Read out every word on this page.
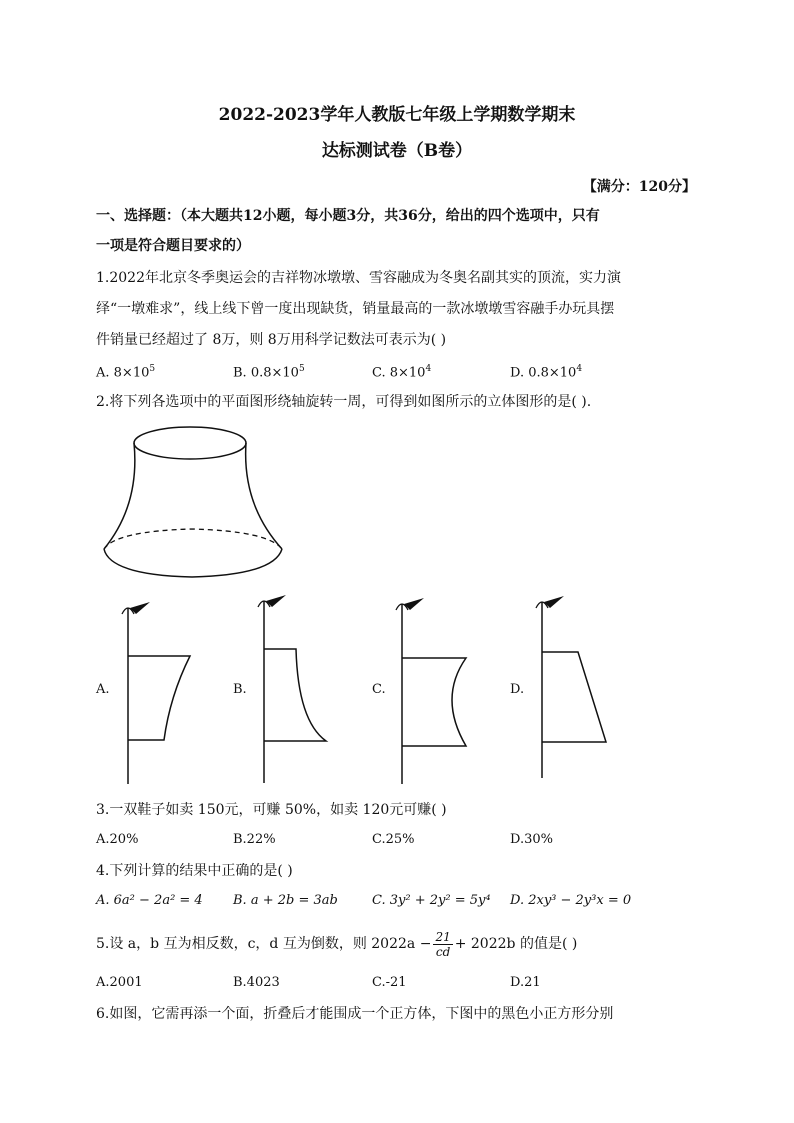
2022-2023学年人教版七年级上学期数学期末
达标测试卷（B卷）
【满分：120分】
一、选择题：（本大题共12小题，每小题3分，共36分，给出的四个选项中，只有
一项是符合题目要求的）
1.2022年北京冬季奥运会的吉祥物冰墩墩、雪容融成为冬奥名副其实的顶流，实力演
绎“一墩难求”，线上线下曾一度出现缺货，销量最高的一款冰墩墩雪容融手办玩具摆
件销量已经超过了 8万，则 8万用科学记数法可表示为( )
A. $8\times 10^5$	B. $0.8\times 10^5$	C. $8\times 10^4$	D. $0.8\times 10^4$
2.将下列各选项中的平面图形绕轴旋转一周，可得到如图所示的立体图形的是( ).
A.	B.	C.	D.
3.一双鞋子如卖 150元，可赚 50%，如卖 120元可赚( )
A.20%	B.22%	C.25%	D.30%
4.下列计算的结果中正确的是( )
A. 6a² − 2a² = 4 B. a + 2b = 3ab	C. 3y² + 2y² = 5y⁴ D. 2xy³ − 2y³x = 0
5.设 a，b 互为相反数，c，d 互为倒数，则 $2022a - \frac{21}{cd} + 2022b$ 的值是( )
A.2001	B.4023	C.-21	D.21
6.如图，它需再添一个面，折叠后才能围成一个正方体，下图中的黑色小正方形分别
